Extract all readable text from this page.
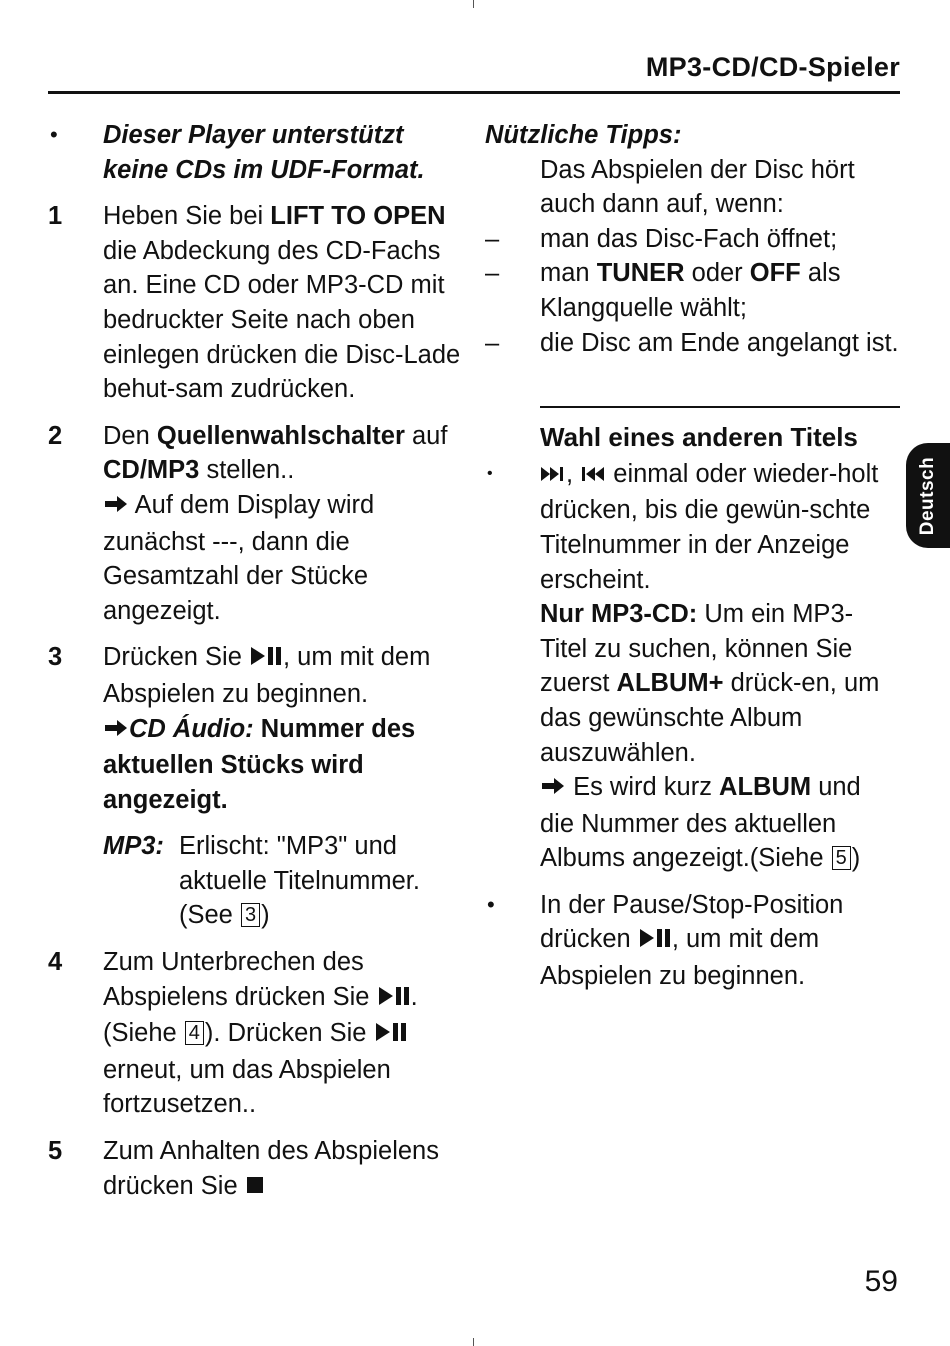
MP3-CD/CD-Spieler
Deutsch
• Dieser Player unterstützt keine CDs im UDF-Format.
1	Heben Sie bei LIFT TO OPEN die Abdeckung des CD-Fachs an. Eine CD oder MP3-CD mit bedruckter Seite nach oben einlegen drücken die Disc-Lade behut-sam zudrücken.
2	Den Quellenwahlschalter auf CD/MP3 stellen..
Auf dem Display wird zunächst ---, dann die Gesamtzahl der Stücke angezeigt.
3	Drücken Sie , um mit dem Abspielen zu beginnen.
CD Áudio: Nummer des aktuellen Stücks wird angezeigt.
MP3: Erlischt: "MP3" und aktuelle Titelnummer. (See 3 )
4	Zum Unterbrechen des Abspielens drücken Sie .(Siehe 4 ). Drücken Sie  erneut, um das Abspielen fortzusetzen..
5	Zum Anhalten des Abspielens drücken Sie
Nützliche Tipps:
Das Abspielen der Disc hört auch dann auf, wenn:
– man das Disc-Fach öffnet;
– man TUNER oder OFF als Klangquelle wählt;
– die Disc am Ende angelangt ist.
Wahl eines anderen Titels
•	,  einmal oder wieder-holt drücken, bis die gewün-schte Titelnummer in der Anzeige erscheint.
Nur MP3-CD: Um ein MP3-Titel zu suchen, können Sie zuerst ALBUM+ drück-en, um das gewünschte Album auszuwählen.
Es wird kurz ALBUM und die Nummer des aktuellen Albums angezeigt.(Siehe 5 )
• In der Pause/Stop-Position drücken , um mit dem Abspielen zu beginnen.
59
